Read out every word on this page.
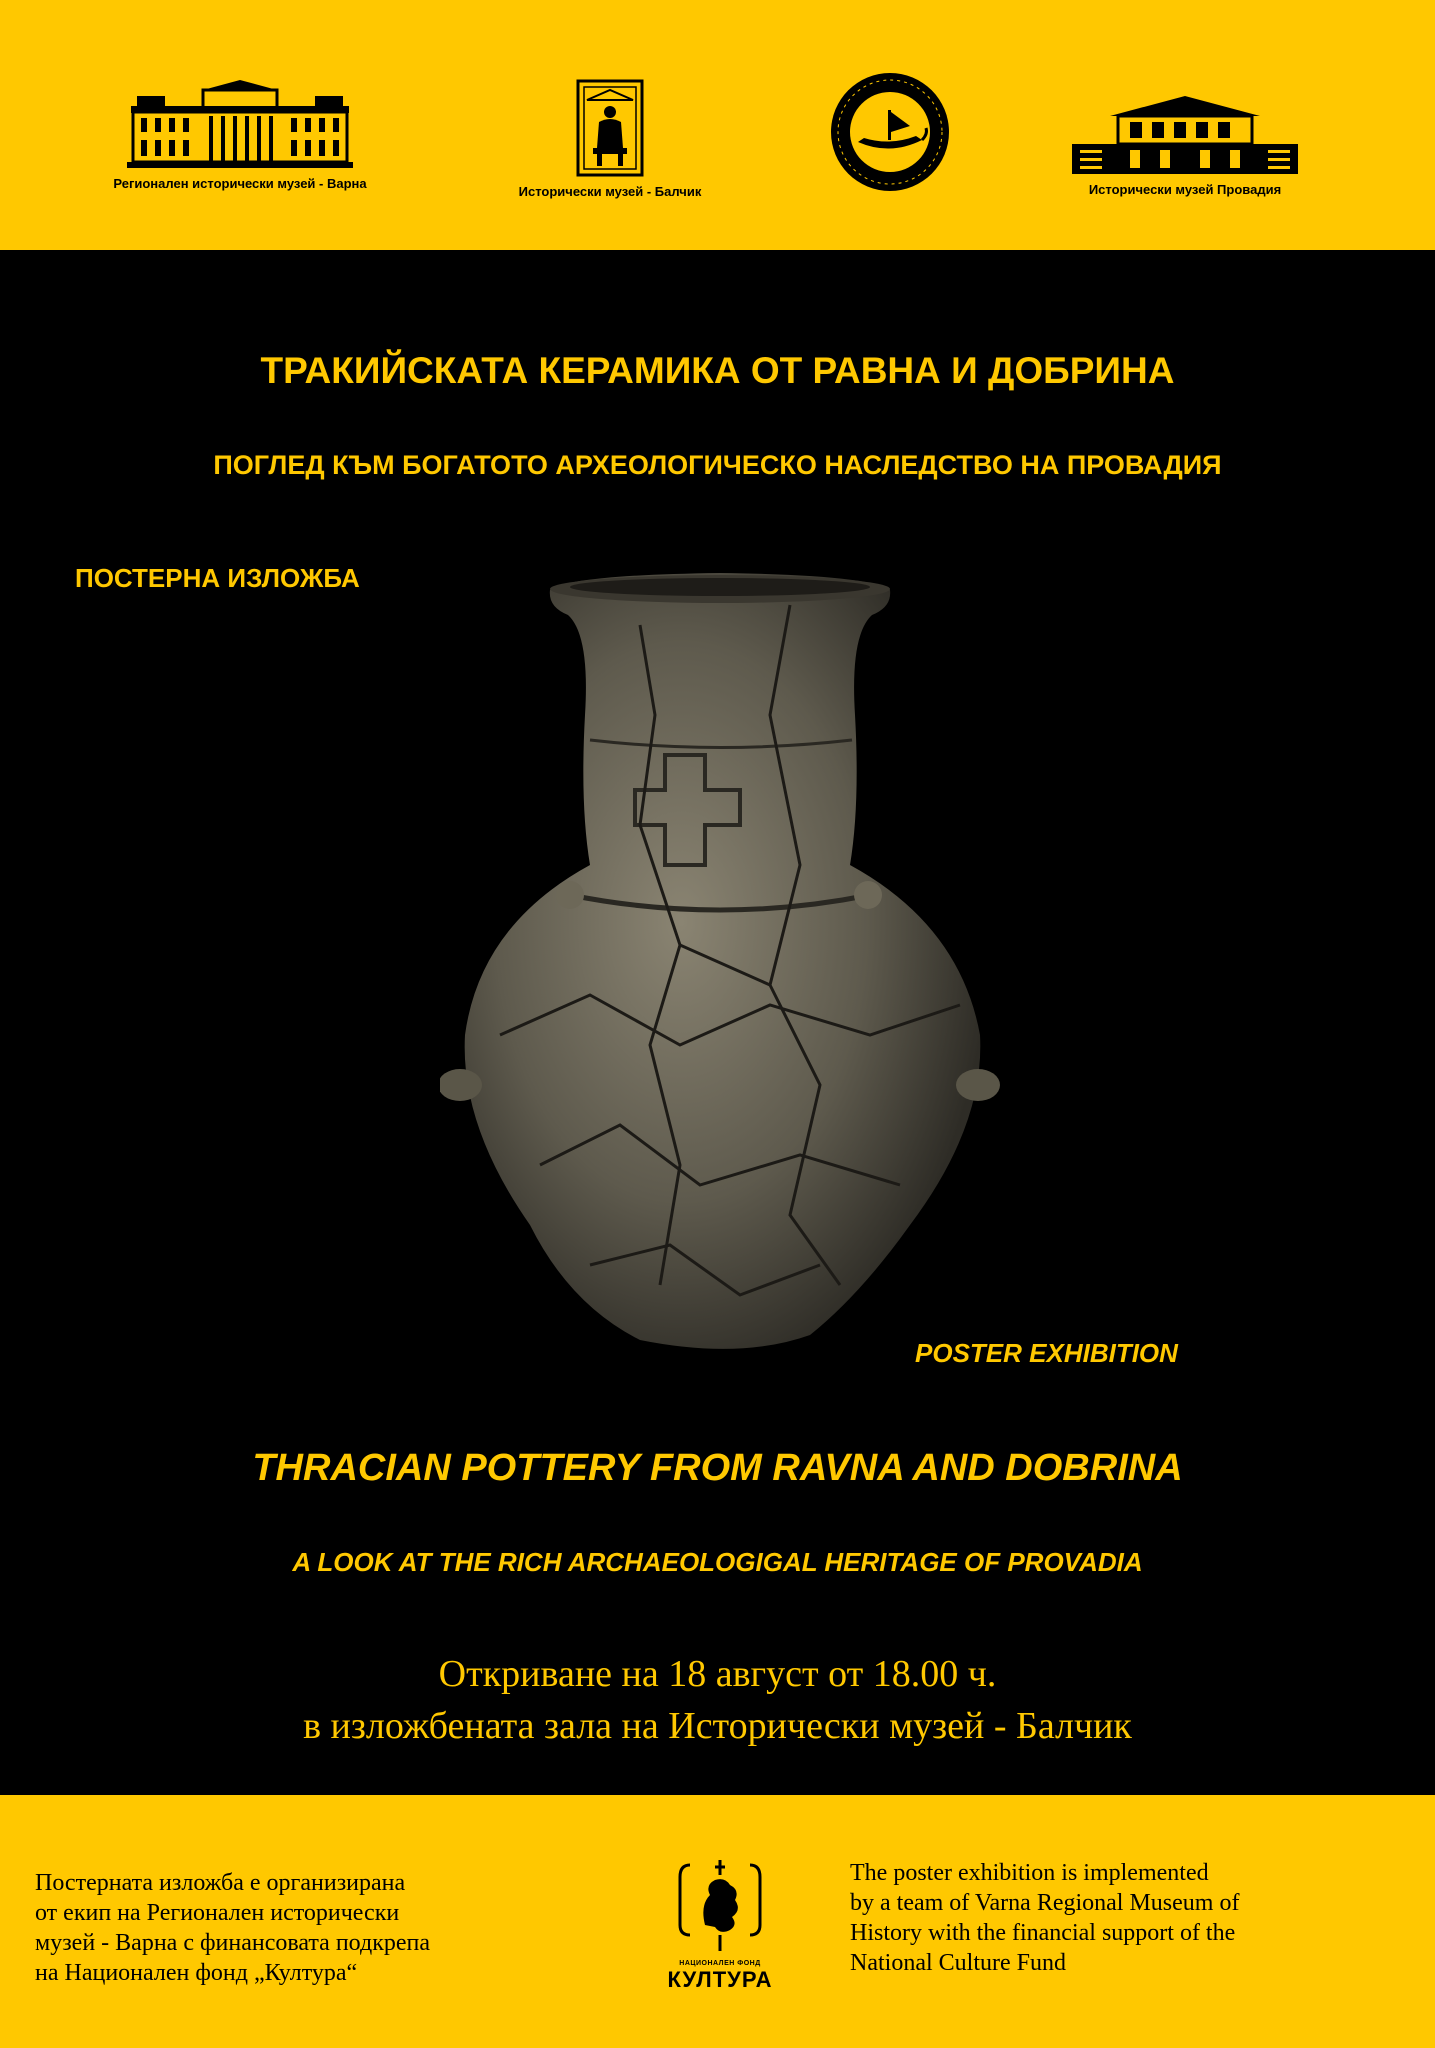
Регионален исторически музей - Варна
Исторически музей - Балчик	Исторически музей Провадия
ТРАКИЙСКАТА КЕРАМИКА ОТ РАВНА И ДОБРИНА
ПОГЛЕД КЪМ БОГАТОТО АРХЕОЛОГИЧЕСКО НАСЛЕДСТВО НА ПРОВАДИЯ
ПОСТЕРНА ИЗЛОЖБА
POSTER EXHIBITION
THRACIAN POTTERY FROM RAVNA AND DOBRINA
A LOOK AT THE RICH ARCHAEOLOGIGAL HERITAGE OF PROVADIA
Откриване на 18 август от 18.00 ч.
в изложбената зала на Исторически музей - Балчик
Постерната изложба е организирана
от екип на Регионален исторически
музей - Варна с финансовата подкрепа
на Национален фонд „Култура“	НАЦИОНАЛЕН ФОНД
КУЛТУРА
The poster exhibition is implemented
by a team of Varna Regional Museum of
History with the financial support of the
National Culture Fund
